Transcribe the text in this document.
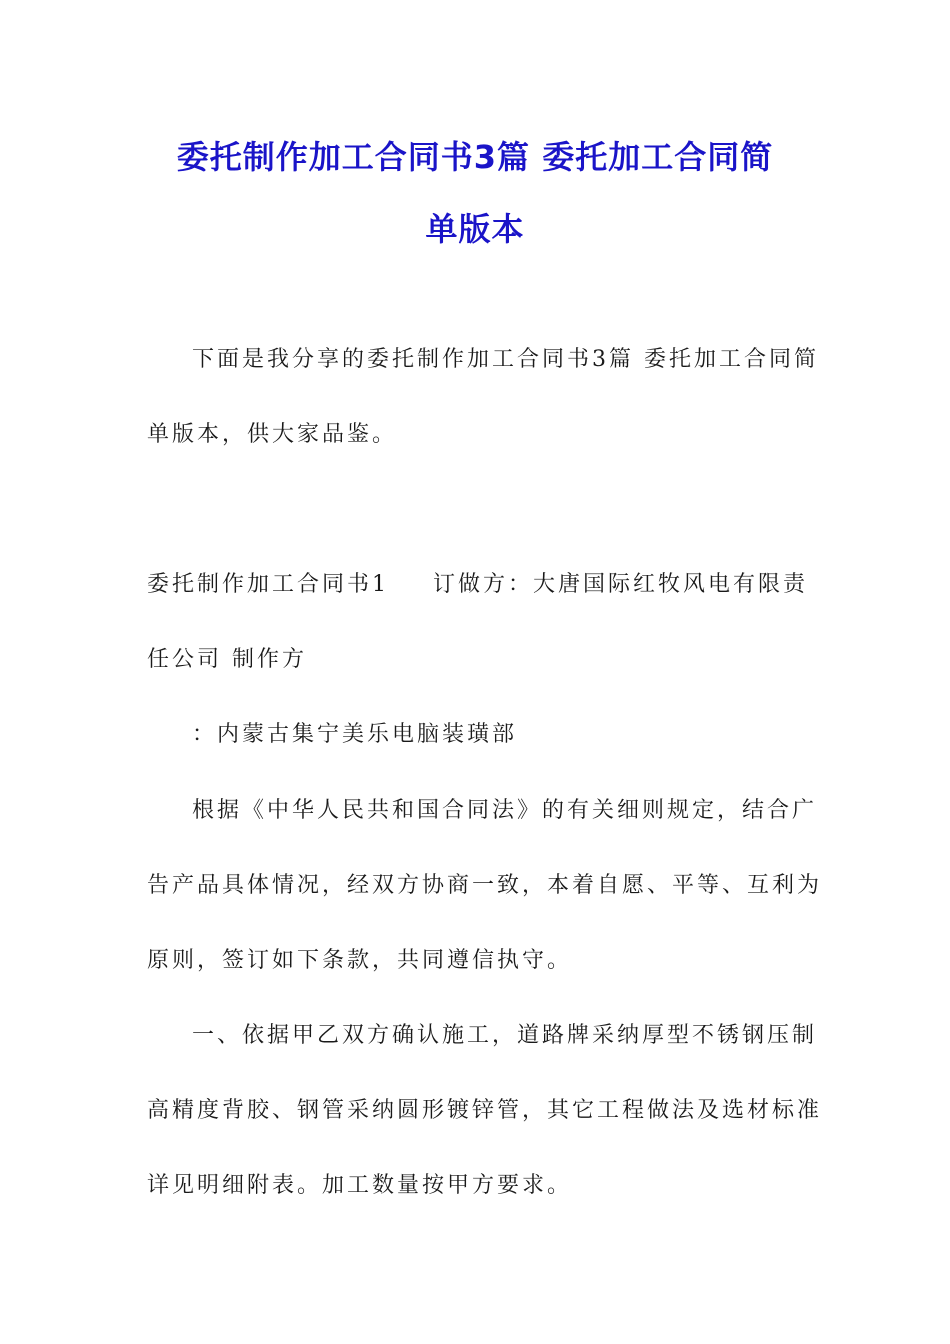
委托制作加工合同书3篇 委托加工合同简
单版本

下面是我分享的委托制作加工合同书3篇 委托加工合同简

单版本，供大家品鉴。

委托制作加工合同书1 订做方：大唐国际红牧风电有限责

任公司 制作方

：内蒙古集宁美乐电脑装璜部

根据《中华人民共和国合同法》的有关细则规定，结合广

告产品具体情况，经双方协商一致，本着自愿、平等、互利为

原则，签订如下条款，共同遵信执守。

一、依据甲乙双方确认施工，道路牌采纳厚型不锈钢压制

高精度背胶、钢管采纳圆形镀锌管，其它工程做法及选材标准

详见明细附表。加工数量按甲方要求。
